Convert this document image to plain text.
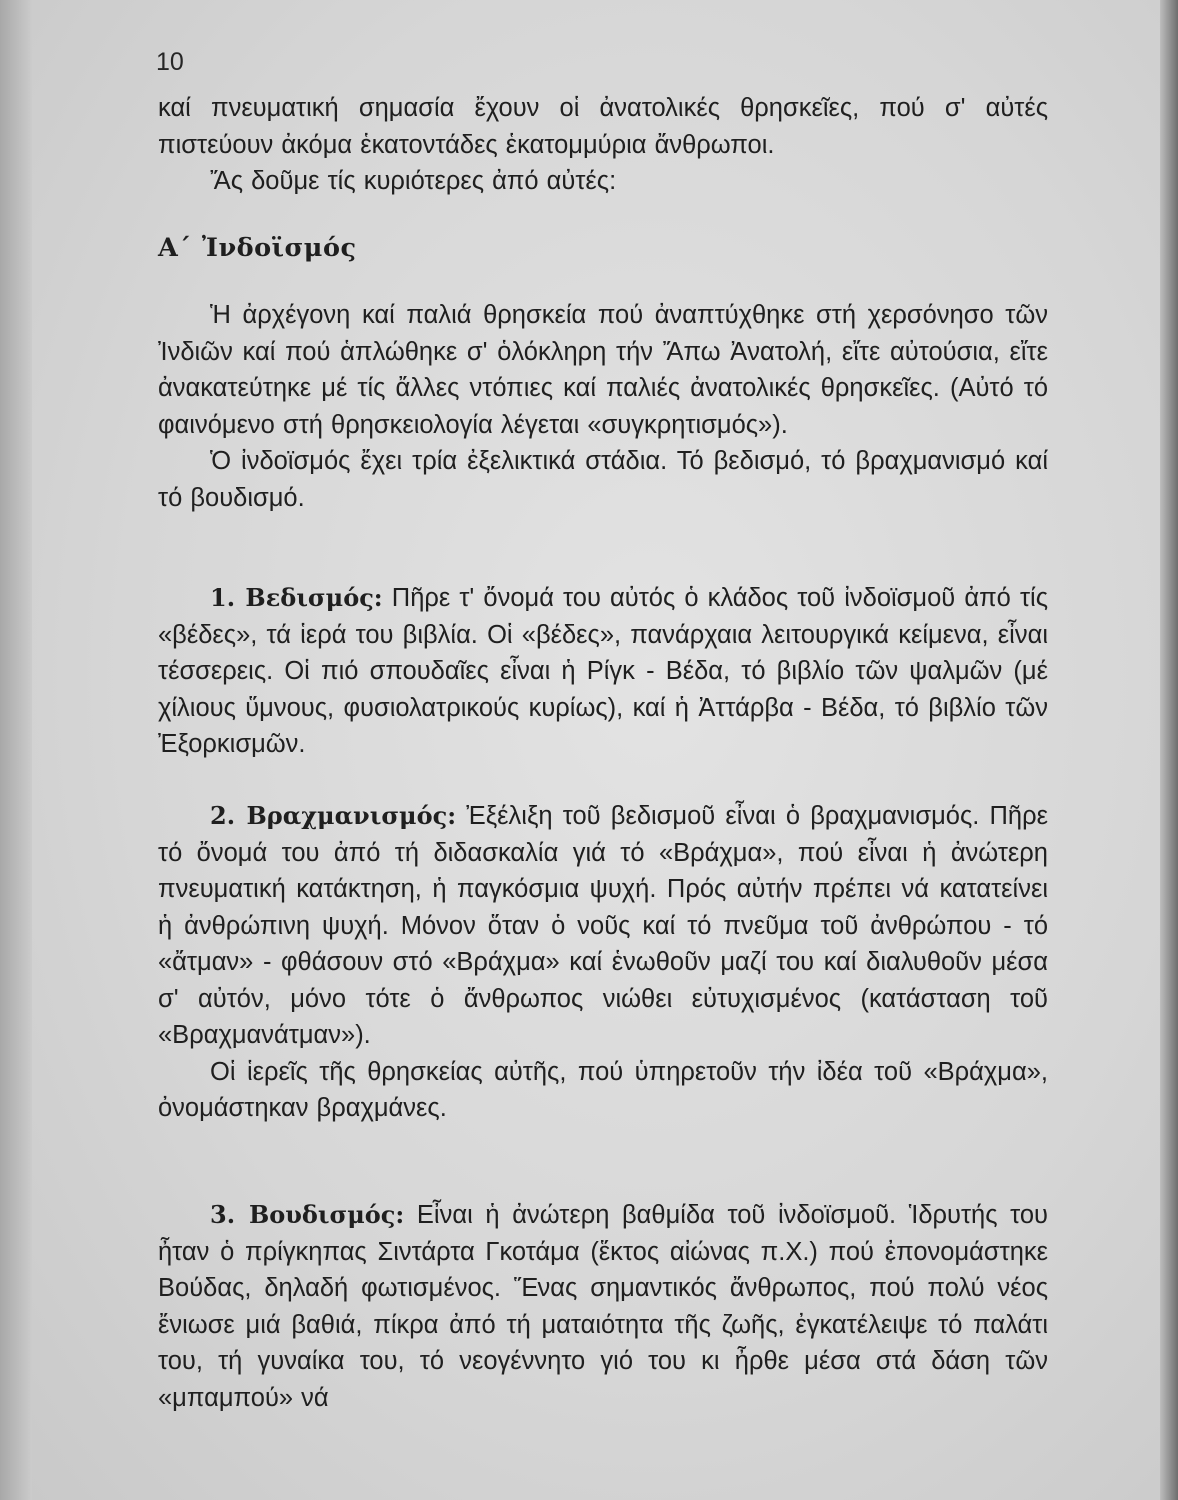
10

καί πνευματική σημασία ἔχουν οἱ ἀνατολικές θρησκεῖες, πού σ' αὐτές πιστεύουν ἀκόμα ἑκατοντάδες ἑκατομμύρια ἄνθρωποι.

Ἄς δοῦμε τίς κυριότερες ἀπό αὐτές:

Α΄ Ἰνδοϊσμός

Ἡ ἀρχέγονη καί παλιά θρησκεία πού ἀναπτύχθηκε στή χερσόνησο τῶν Ἰνδιῶν καί πού ἁπλώθηκε σ' ὁλόκληρη τήν Ἄπω Ἀνατολή, εἴτε αὐτούσια, εἴτε ἀνακατεύτηκε μέ τίς ἄλλες ντόπιες καί παλιές ἀνατολικές θρησκεῖες. (Αὐτό τό φαινόμενο στή θρησκειολογία λέγεται «συγκρητισμός»).

Ὁ ἰνδοϊσμός ἔχει τρία ἐξελικτικά στάδια. Τό βεδισμό, τό βραχμανισμό καί τό βουδισμό.

1. Βεδισμός: Πῆρε τ' ὄνομά του αὐτός ὁ κλάδος τοῦ ἰνδοϊσμοῦ ἀπό τίς «βέδες», τά ἱερά του βιβλία. Οἱ «βέδες», πανάρχαια λειτουργικά κείμενα, εἶναι τέσσερεις. Οἱ πιό σπουδαῖες εἶναι ἡ Ρίγκ - Βέδα, τό βιβλίο τῶν ψαλμῶν (μέ χίλιους ὕμνους, φυσιολατρικούς κυρίως), καί ἡ Ἀττάρβα - Βέδα, τό βιβλίο τῶν Ἐξορκισμῶν.

2. Βραχμανισμός: Ἐξέλιξη τοῦ βεδισμοῦ εἶναι ὁ βραχμανισμός. Πῆρε τό ὄνομά του ἀπό τή διδασκαλία γιά τό «Βράχμα», πού εἶναι ἡ ἀνώτερη πνευματική κατάκτηση, ἡ παγκόσμια ψυχή. Πρός αὐτήν πρέπει νά κατατείνει ἡ ἀνθρώπινη ψυχή. Μόνον ὅταν ὁ νοῦς καί τό πνεῦμα τοῦ ἀνθρώπου - τό «ἄτμαν» - φθάσουν στό «Βράχμα» καί ἑνωθοῦν μαζί του καί διαλυθοῦν μέσα σ' αὐτόν, μόνο τότε ὁ ἄνθρωπος νιώθει εὐτυχισμένος (κατάσταση τοῦ «Βραχμανάτμαν»).

Οἱ ἱερεῖς τῆς θρησκείας αὐτῆς, πού ὑπηρετοῦν τήν ἰδέα τοῦ «Βράχμα», ὀνομάστηκαν βραχμάνες.

3. Βουδισμός: Εἶναι ἡ ἀνώτερη βαθμίδα τοῦ ἰνδοϊσμοῦ. Ἱδρυτής του ἦταν ὁ πρίγκηπας Σιντάρτα Γκοτάμα (ἕκτος αἰώνας π.Χ.) πού ἐπονομάστηκε Βούδας, δηλαδή φωτισμένος. Ἕνας σημαντικός ἄνθρωπος, πού πολύ νέος ἔνιωσε μιά βαθιά, πίκρα ἀπό τή ματαιότητα τῆς ζωῆς, ἐγκατέλειψε τό παλάτι του, τή γυναίκα του, τό νεογέννητο γιό του κι ἦρθε μέσα στά δάση τῶν «μπαμπού» νά
